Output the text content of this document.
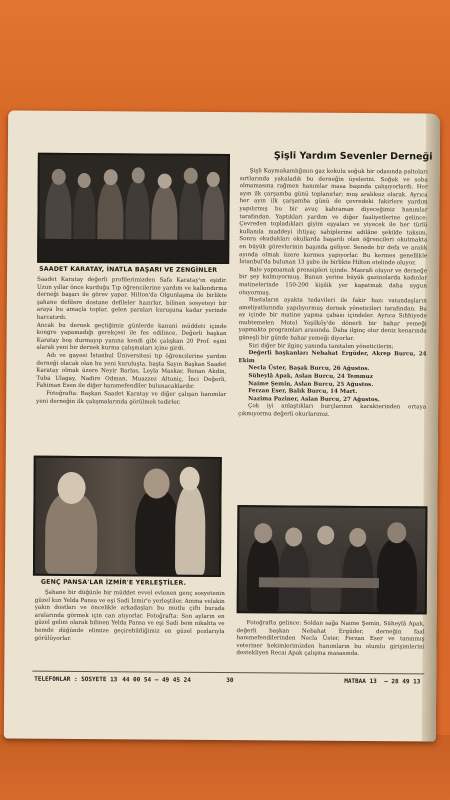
SAADET KARATAY, İNATLA BAŞARI VE ZENGİNLER

Saadet Karatay değerli profilerimizden Safa Karatay'ın eşidir. Uzun yıllar önce kurduğu Tıp öğrencilerine yardım ve kalkındırma derneği başarı ile görev yapar. Hilton'da Olgunlaşma ile birlikte şahane defilere dostane defileler hazırlar, bilinen sosyeteyi bir araya bu amaçla toplar, gelen paraları kuruşuna kadar yerinde harcatırdı.

Ancak bu dernek geçtiğimiz günlerde kanuni müddeti içinde kongre yapamadığı gerekçesi ile fes edilince, Değerli başkan Karatay boş durmayıp yanına kendi gibi çalışkan 20 Prof. eşini alarak yeni bir dernek kurma çalışmaları içine girdi.

Adı ve gayesi İstanbul Üniversitesi tıp öğrencilerine yardım derneği olacak olan bu yeni kuruluşta, başta Sayın Başkan Saadet Karatay olmak üzere Neyir Barlas, Leyla Maskar, Renan Akdin, Tuba Ulagay, Nadire Odman, Muazzez Altuniç, İnci Değerli, Fahiman Esen ile diğer hanımefendiler bulunacaklardır.

Fotoğrafta: Başkan Saadet Karatay ve diğer çalışan hanımlar yeni derneğin ilk çalışmalarında görülmek tedirler.

GENÇ PANSA'LAR İZMİR'E YERLEŞTİLER.

Şahane bir düğünle bir müddet evvel evlenen genç sosyetenin güzel kızı Yelda Pansa ve eşi Sadi İzmir'e yerleştiler. Amma velakin yakın dostları ve öncelikle arkadaşları bu mutlu çifti burada aralarında görmek için can atıyorlar. Fotoğrafta: Son ayların en güzel gelini olarak bilinen Yelda Pansa ve eşi Sadi bem nikahta ve hemde düğünde elimize geçirebildiğimiz en güzel pozlarıyla görülüyorlar.

Şişli Yardım Sevenler Derneği

Şişli Kaymakamlığının gaz kokulu soğuk bir odasında paltoları sırtlarında yakaladık bu derneğin üyelerini. Soğuk ve soba olmamasına rağmen hanımlar masa başında çalışıyorlardı. Her ayın ilk çarşamba günü toplanırlar; muş aralıksız olarak. Ayrıca her ayın ilk çarşamba günü de çevredeki fakirlere yardım yapılırmış bu bir avuç kahraman diyeceğimiz hanımlar tarafından. Yaptıkları yardım ve diğer faaliyetlerine gelince: Çevreden topladıkları giyim eşyaları ve yiyecek ile her türlü kullanıla maddeyi ihtiyaç sahiplerine adilâne şekilde taksim. Sonra okudukları okullarda başarılı olan öğrencileri okutmakta en büyük görevlerinin başında geliyor. Senede bir defa ve aralık ayında olmak üzere kermes yapıyorlar. Bu kermes genellikle İstanbul'da bulunan 13 şube ile birlikte Hilton otelinde oluyor.

Balo yapmamak prensipleri içinde. Masrafı oluyor ve derneğe bir şey kalmıyormuş. Bunun yerine büyük gazinolarda kadınlar matinelerinde 150-200 kişilik yer kapatmak daha uygun oluyormuş.

Hastaların ayakta tedavileri ile fakir bazı vatandaşların ameliyatlarında yapılıyormuş dernek yöneticileri tarafından. Bu ay içinde bir matine yapma çabası içindeler. Ayrıca Sıhhiyede muhtemelen Motel Yeşilköy'de dönerli bir bahar yemeği yapmakta programları arasında. Daha ilginç olur deniz kenarında güneşli bir günde bahar yemeği diyorlar.

Sizi diğer bir ilginç yanında tanıtalım yöneticilerin;

Değerli başkanları Nebahat Ergüder, Akrep Burcu, 24 Ekim

Necla Üster, Başak Burcu, 26 Ağustos.

Süheylâ Apak, Aslan Burcu, 24 Temmuz

Naime Şemin, Aslan Burcu, 25 Ağustos.

Ferzan Eser, Balık Burcu, 14 Mart.

Nazima Paziner, Aslan Burcu, 27 Ağustos.

Çok iyi anlaştıkları burçlarının karakterinden ortaya çıkmıyormu değerli okurlarımız.

Fotoğrafta gelince: Soldan sağa Naime Şemin, Süheylâ Apak, değerli başkan Nebahat Ergüder, derneğin faal hanımefendilerinden Necla Üster, Ferzan Eser ve tanınmış veteriner hekimlerimizden hanımların bu olumlu girişimlerini destekliyen Recai Apak çalışma masasında.

TELEFONLAR : SOSYETE 13 44 00 54 — 49 45 24	30	MATBAA 13 — 28 49 13
